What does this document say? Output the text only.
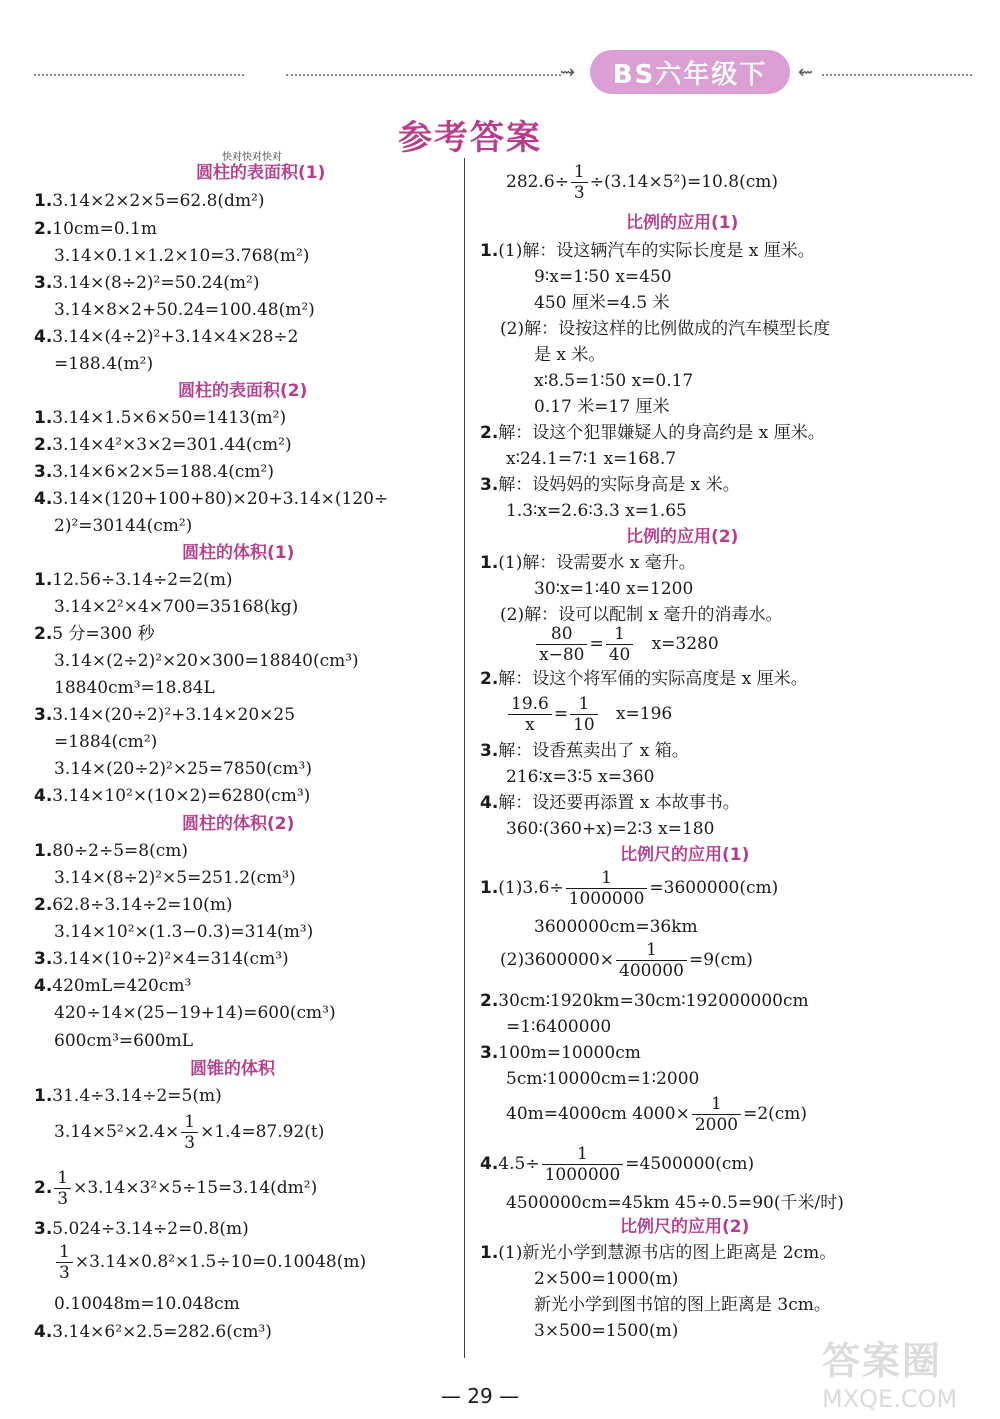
⇝ BS六年级下 ⇜
参考答案
快对快对快对
圆柱的表面积(1)
1.3.14×2×2×5=62.8(dm²)
2.10cm=0.1m
3.14×0.1×1.2×10=3.768(m²)
3.3.14×(8÷2)²=50.24(m²)
3.14×8×2+50.24=100.48(m²)
4.3.14×(4÷2)²+3.14×4×28÷2
=188.4(m²)
圆柱的表面积(2)
1.3.14×1.5×6×50=1413(m²)
2.3.14×4²×3×2=301.44(cm²)
3.3.14×6×2×5=188.4(cm²)
4.3.14×(120+100+80)×20+3.14×(120÷
2)²=30144(cm²)
圆柱的体积(1)
1.12.56÷3.14÷2=2(m)
3.14×2²×4×700=35168(kg)
2.5 分=300 秒
3.14×(2÷2)²×20×300=18840(cm³)
18840cm³=18.84L
3.3.14×(20÷2)²+3.14×20×25
=1884(cm²)
3.14×(20÷2)²×25=7850(cm³)
4.3.14×10²×(10×2)=6280(cm³)
圆柱的体积(2)
1.80÷2÷5=8(cm)
3.14×(8÷2)²×5=251.2(cm³)
2.62.8÷3.14÷2=10(m)
3.14×10²×(1.3−0.3)=314(m³)
3.3.14×(10÷2)²×4=314(cm³)
4.420mL=420cm³
420÷14×(25−19+14)=600(cm³)
600cm³=600mL
圆锥的体积
1.31.4÷3.14÷2=5(m)
$3.14\times 5^2\times 2.4\times \frac{1}{3} \times 1.4=87.92(t)$
2. $\frac{1}{3} \times 3.14\times 3^2\times 5\div 15=3.14(dm^2)$
3.5.024÷3.14÷2=0.8(m)
$\frac{1}{3} \times 3.14\times 0.8^2\times 1.5\div 10=0.10048(m)$
0.10048m=10.048cm
4.3.14×6²×2.5=282.6(cm³)
$282.6\div \frac{1}{3} \div(3.14\times 5^2)=10.8(cm)$
比例的应用(1)
1.(1)解：设这辆汽车的实际长度是 x 厘米。
9∶x=1∶50 x=450
450 厘米=4.5 米
(2)解：设按这样的比例做成的汽车模型长度
是 x 米。
x∶8.5=1∶50 x=0.17
0.17 米=17 厘米
2.解：设这个犯罪嫌疑人的身高约是 x 厘米。
x∶24.1=7∶1 x=168.7
3.解：设妈妈的实际身高是 x 米。
1.3∶x=2.6∶3.3 x=1.65
比例的应用(2)
1.(1)解：设需要水 x 毫升。
30∶x=1∶40 x=1200
(2)解：设可以配制 x 毫升的消毒水。
$\frac{80}{x-80} = \frac{1}{40} x=3280$
2.解：设这个将军俑的实际高度是 x 厘米。
$\frac{19.6}{x} = \frac{1}{10} x=196$
3.解：设香蕉卖出了 x 箱。
216∶x=3∶5 x=360
4.解：设还要再添置 x 本故事书。
360∶(360+x)=2∶3 x=180
比例尺的应用(1)
$1.(1)3.6\div \frac{1}{1000000} =3600000(cm)$
3600000cm=36km
$(2)3600000\times \frac{1}{400000} =9(cm)$
2.30cm∶1920km=30cm∶192000000cm
=1∶6400000
3.100m=10000cm
5cm∶10000cm=1∶2000
40m=4000cm $4000\times \frac{1}{2000} =2(cm)$
$4.4.5\div \frac{1}{1000000} =4500000(cm)$
4500000cm=45km 45÷0.5=90(千米/时)
比例尺的应用(2)
1.(1)新光小学到慧源书店的图上距离是 2cm。
2×500=1000(m)
新光小学到图书馆的图上距离是 3cm。
3×500=1500(m)
— 29 —
答案圈
MXQE.COM
